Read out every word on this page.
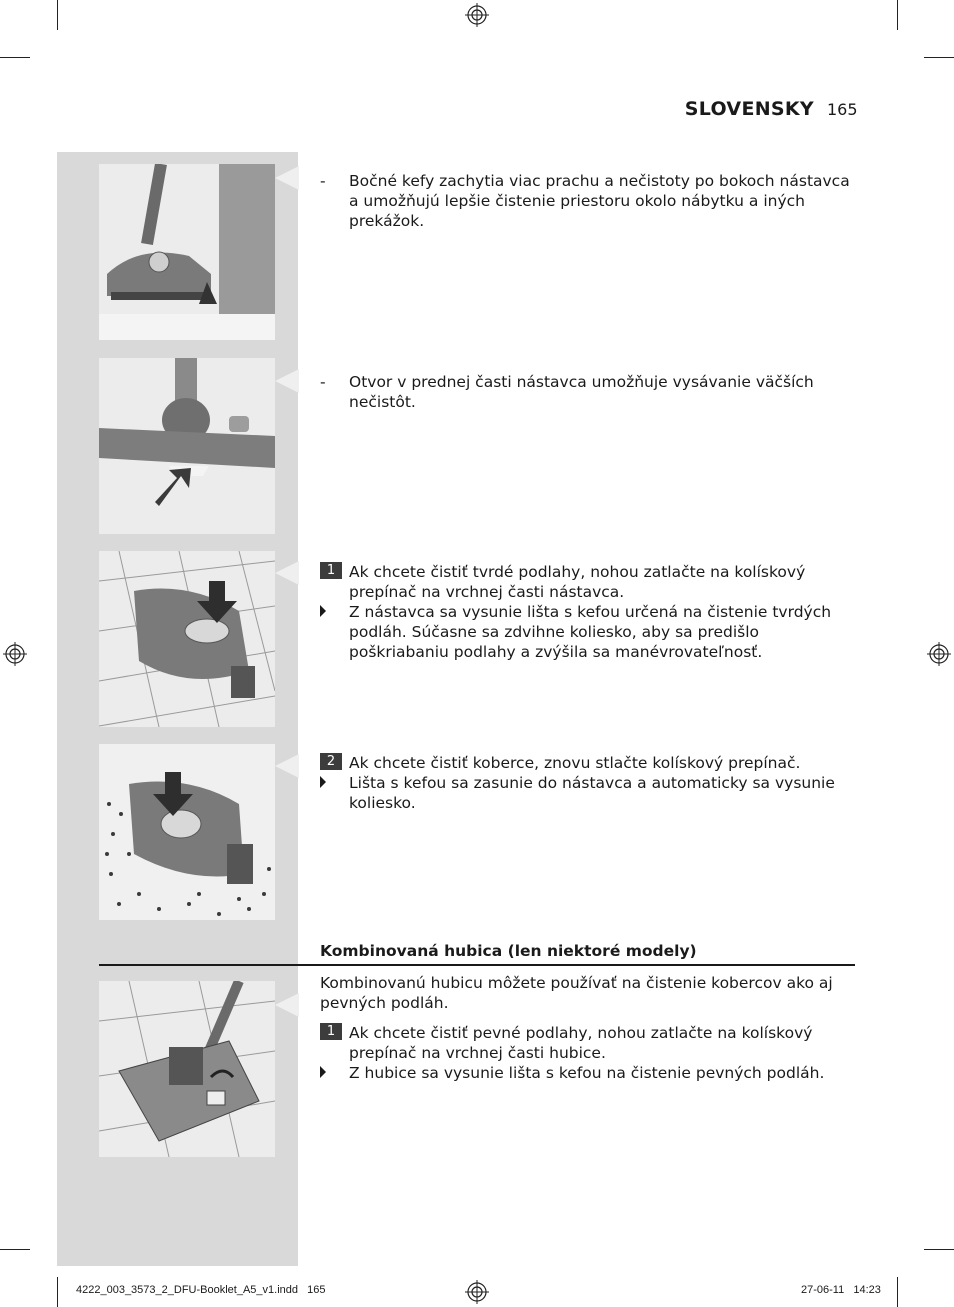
SLOVENSKY 165
- Bočné kefy zachytia viac prachu a nečistoty po bokoch nástavca a umožňujú lepšie čistenie priestoru okolo nábytku a iných prekážok.
- Otvor v prednej časti nástavca umožňuje vysávanie väčších nečistôt.
1 Ak chcete čistiť tvrdé podlahy, nohou zatlačte na kolískový prepínač na vrchnej časti nástavca.
Z nástavca sa vysunie lišta s kefou určená na čistenie tvrdých podláh. Súčasne sa zdvihne koliesko, aby sa predišlo poškriabaniu podlahy a zvýšila sa manévrovateľnosť.
2 Ak chcete čistiť koberce, znovu stlačte kolískový prepínač.
Lišta s kefou sa zasunie do nástavca a automaticky sa vysunie koliesko.
Kombinovaná hubica (len niektoré modely)
Kombinovanú hubicu môžete používať na čistenie kobercov ako aj pevných podláh.
1 Ak chcete čistiť pevné podlahy, nohou zatlačte na kolískový prepínač na vrchnej časti hubice.
Z hubice sa vysunie lišta s kefou na čistenie pevných podláh.
4222_003_3573_2_DFU-Booklet_A5_v1.indd   165	27-06-11   14:23
